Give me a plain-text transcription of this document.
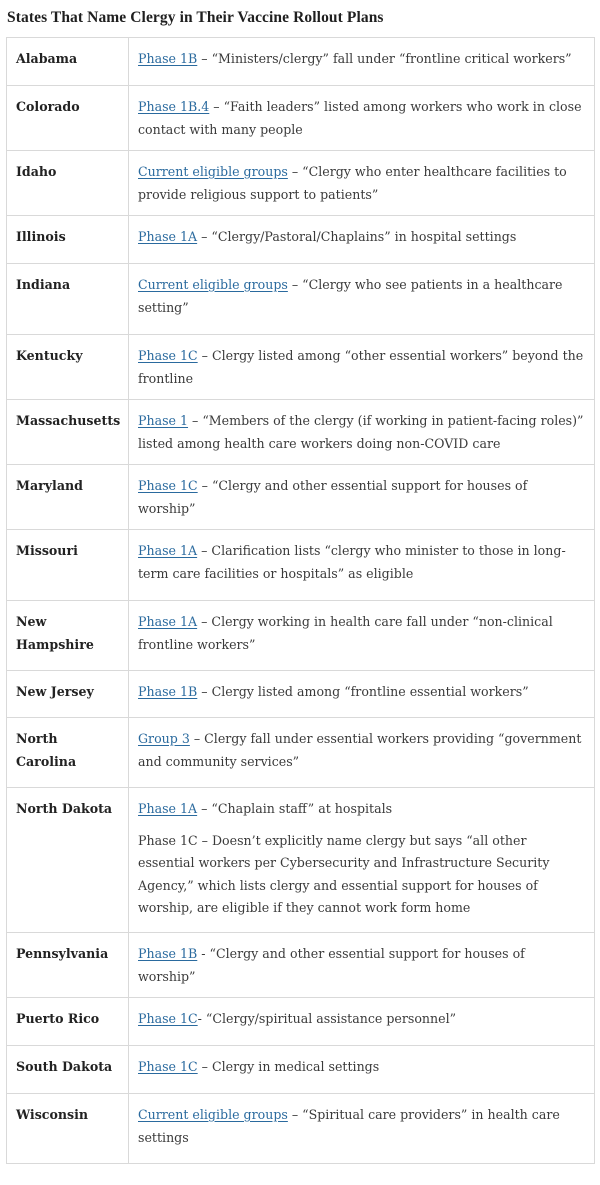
States That Name Clergy in Their Vaccine Rollout Plans
Alabama	Phase 1B – “Ministers/clergy” fall under “frontline critical workers”

Colorado	Phase 1B.4 – “Faith leaders” listed among workers who work in close contact with many people

Idaho	Current eligible groups – “Clergy who enter healthcare facilities to provide religious support to patients”

Illinois	Phase 1A – “Clergy/Pastoral/Chaplains” in hospital settings

Indiana	Current eligible groups – “Clergy who see patients in a healthcare setting”

Kentucky	Phase 1C – Clergy listed among “other essential workers” beyond the frontline

Massachusetts	Phase 1 – “Members of the clergy (if working in patient-facing roles)” listed among health care workers doing non-COVID care

Maryland	Phase 1C – “Clergy and other essential support for houses of worship”

Missouri	Phase 1A – Clarification lists “clergy who minister to those in long-term care facilities or hospitals” as eligible

New Hampshire	Phase 1A – Clergy working in health care fall under “non-clinical frontline workers”

New Jersey	Phase 1B – Clergy listed among “frontline essential workers”

North Carolina	Group 3 – Clergy fall under essential workers providing “government and community services”

North Dakota	Phase 1A – “Chaplain staff” at hospitals
Phase 1C – Doesn’t explicitly name clergy but says “all other essential workers per Cybersecurity and Infrastructure Security Agency,” which lists clergy and essential support for houses of worship, are eligible if they cannot work form home

Pennsylvania	Phase 1B - “Clergy and other essential support for houses of worship”

Puerto Rico	Phase 1C- “Clergy/spiritual assistance personnel”

South Dakota	Phase 1C – Clergy in medical settings

Wisconsin	Current eligible groups – “Spiritual care providers” in health care settings
